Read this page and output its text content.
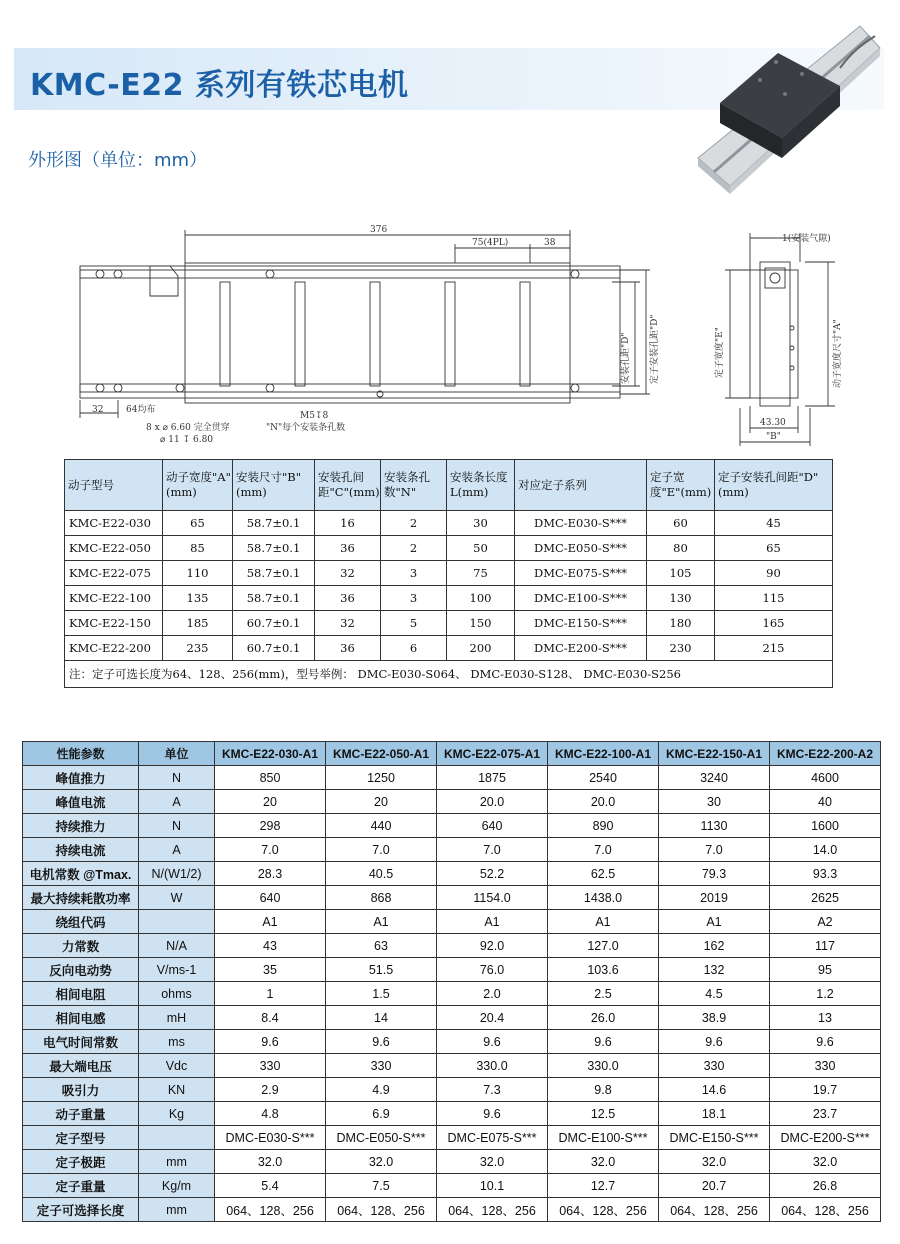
KMC-E22 系列有铁芯电机
外形图（单位：mm）
376
75(4PL)	38
32	64均布
8 x ⌀ 6.60 完全贯穿
⌀ 11 ↧ 6.80
M5↧8
"N"每个安装条孔数
安装孔距"D" 定子安装孔距"D"
1(安装气隙)
定子宽度"E"	动子宽度尺寸"A"
43.30
"B"
动子型号	动子宽度"A"(mm)	安装尺寸"B"(mm)	安装孔间距"C"(mm)	安装条孔数"N"	安装条长度L(mm)	对应定子系列	定子宽度"E"(mm)	定子安装孔间距"D"(mm)
KMC-E22-030	65	58.7±0.1	16	2	30	DMC-E030-S***	60	45
KMC-E22-050	85	58.7±0.1	36	2	50	DMC-E050-S***	80	65
KMC-E22-075	110	58.7±0.1	32	3	75	DMC-E075-S***	105	90
KMC-E22-100	135	58.7±0.1	36	3	100	DMC-E100-S***	130	115
KMC-E22-150	185	60.7±0.1	32	5	150	DMC-E150-S***	180	165
KMC-E22-200	235	60.7±0.1	36	6	200	DMC-E200-S***	230	215
注：定子可选长度为64、128、256(mm)，型号举例： DMC-E030-S064、 DMC-E030-S128、 DMC-E030-S256								
性能参数	单位	KMC-E22-030-A1	KMC-E22-050-A1	KMC-E22-075-A1	KMC-E22-100-A1	KMC-E22-150-A1	KMC-E22-200-A2
峰值推力	N	850	1250	1875	2540	3240	4600
峰值电流	A	20	20	20.0	20.0	30	40
持续推力	N	298	440	640	890	1130	1600
持续电流	A	7.0	7.0	7.0	7.0	7.0	14.0
电机常数 @Tmax.	N/(W1/2)	28.3	40.5	52.2	62.5	79.3	93.3
最大持续耗散功率	W	640	868	1154.0	1438.0	2019	2625
绕组代码		A1	A1	A1	A1	A1	A2
力常数	N/A	43	63	92.0	127.0	162	117
反向电动势	V/ms-1	35	51.5	76.0	103.6	132	95
相间电阻	ohms	1	1.5	2.0	2.5	4.5	1.2
相间电感	mH	8.4	14	20.4	26.0	38.9	13
电气时间常数	ms	9.6	9.6	9.6	9.6	9.6	9.6
最大端电压	Vdc	330	330	330.0	330.0	330	330
吸引力	KN	2.9	4.9	7.3	9.8	14.6	19.7
动子重量	Kg	4.8	6.9	9.6	12.5	18.1	23.7
定子型号		DMC-E030-S***	DMC-E050-S***	DMC-E075-S***	DMC-E100-S***	DMC-E150-S***	DMC-E200-S***
定子极距	mm	32.0	32.0	32.0	32.0	32.0	32.0
定子重量	Kg/m	5.4	7.5	10.1	12.7	20.7	26.8
定子可选择长度	mm	064、128、256	064、128、256	064、128、256	064、128、256	064、128、256	064、128、256
